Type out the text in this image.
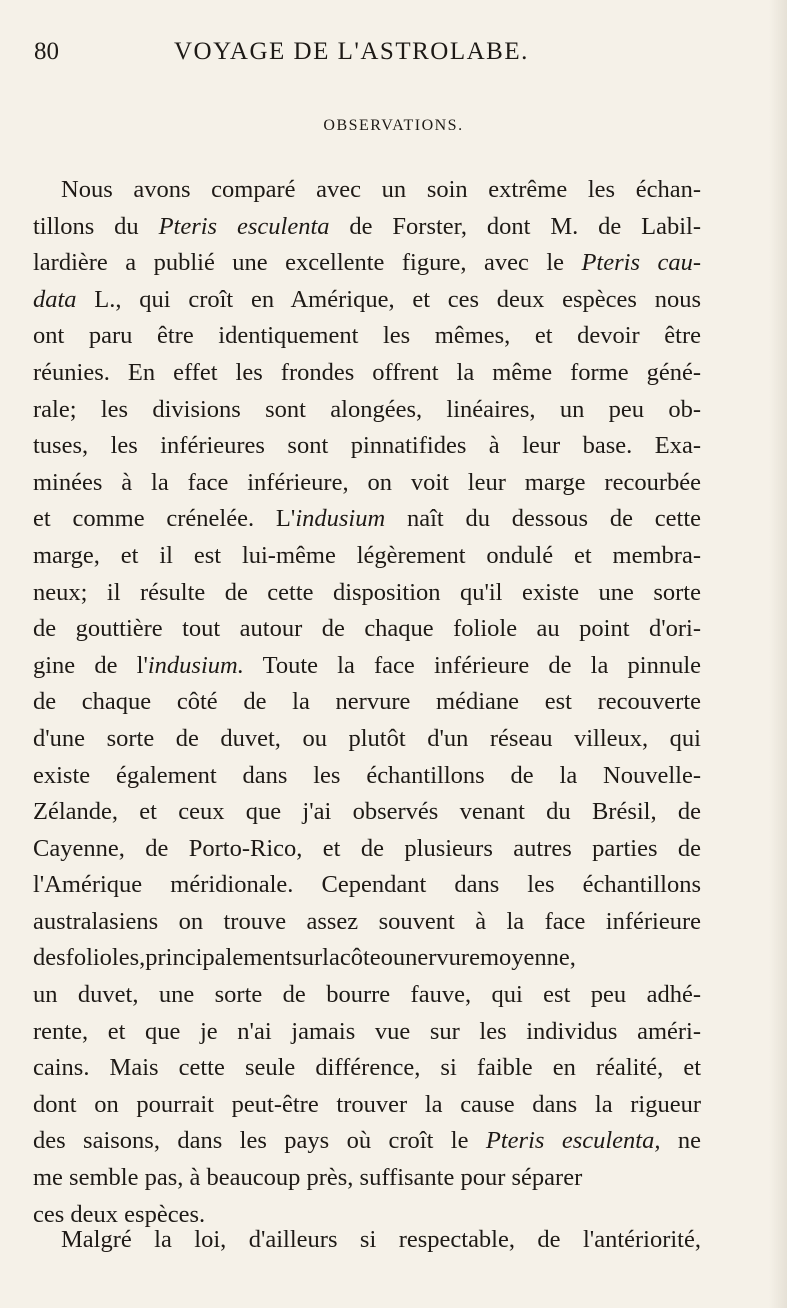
80	VOYAGE DE L'ASTROLABE.
OBSERVATIONS.
Nous avons comparé avec un soin extrême les échan-
tillons du Pteris esculenta de Forster, dont M. de Labil-
lardière a publié une excellente figure, avec le Pteris cau-
data L., qui croît en Amérique, et ces deux espèces nous
ont paru être identiquement les mêmes, et devoir être
réunies. En effet les frondes offrent la même forme géné-
rale; les divisions sont alongées, linéaires, un peu ob-
tuses, les inférieures sont pinnatifides à leur base. Exa-
minées à la face inférieure, on voit leur marge recourbée
et comme crénelée. L'indusium naît du dessous de cette
marge, et il est lui-même légèrement ondulé et membra-
neux; il résulte de cette disposition qu'il existe une sorte
de gouttière tout autour de chaque foliole au point d'ori-
gine de l'indusium. Toute la face inférieure de la pinnule
de chaque côté de la nervure médiane est recouverte
d'une sorte de duvet, ou plutôt d'un réseau villeux, qui
existe également dans les échantillons de la Nouvelle-
Zélande, et ceux que j'ai observés venant du Brésil, de
Cayenne, de Porto-Rico, et de plusieurs autres parties de
l'Amérique méridionale. Cependant dans les échantillons
australasiens on trouve assez souvent à la face inférieure
desfolioles,principalementsurlacôteounervuremoyenne,
un duvet, une sorte de bourre fauve, qui est peu adhé-
rente, et que je n'ai jamais vue sur les individus améri-
cains. Mais cette seule différence, si faible en réalité, et
dont on pourrait peut-être trouver la cause dans la rigueur
des saisons, dans les pays où croît le Pteris esculenta, ne
me semble pas, à beaucoup près, suffisante pour séparer
ces deux espèces.
Malgré la loi, d'ailleurs si respectable, de l'antériorité,
